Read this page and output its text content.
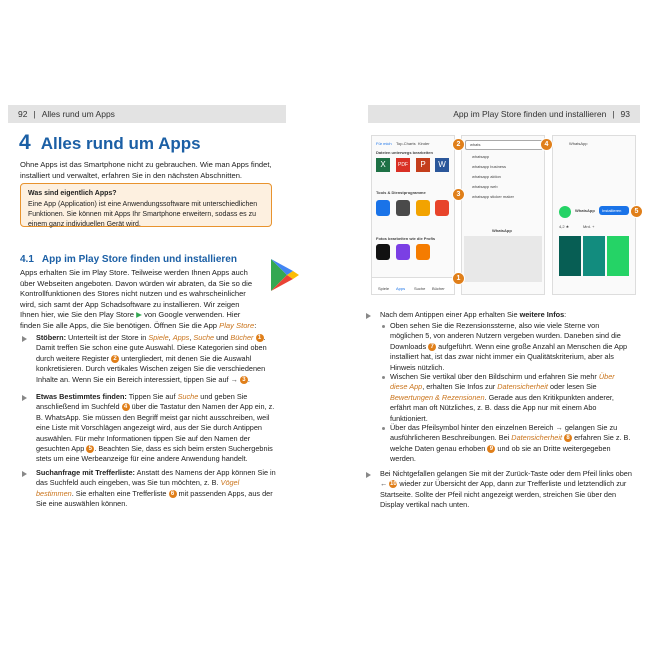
92 | Alles rund um Apps
4 Alles rund um Apps
Ohne Apps ist das Smartphone nicht zu gebrauchen. Wie man Apps findet, installiert und verwaltet, erfahren Sie in den nächsten Abschnitten.
Was sind eigentlich Apps?
Eine App (Application) ist eine Anwendungssoftware mit unterschiedlichen Funktionen. Sie können mit Apps Ihr Smartphone erweitern, sodass es zu einem ganz individuellen Gerät wird.
4.1 App im Play Store finden und installieren
Apps erhalten Sie im Play Store. Teilweise werden Ihnen Apps auch über Webseiten angeboten. Davon würden wir abraten, da Sie so die Kontrollfunktionen des Stores nicht nutzen und es wahrscheinlicher wird, sich samt der App Schadsoftware zu installieren. Wir zeigen Ihnen hier, wie Sie den Play Store ▶ von Google verwenden. Hier finden Sie alle Apps, die Sie benötigen. Öffnen Sie die App Play Store:
Stöbern: Unterteilt ist der Store in Spiele, Apps, Suche und Bücher 1 . Damit treffen Sie schon eine gute Auswahl. Diese Kategorien sind oben durch weitere Register 2 untergliedert, mit denen Sie die Auswahl konkretisieren. Durch vertikales Wischen zeigen Sie die verschiedenen Inhalte an. Wenn Sie ein Bereich interessiert, tippen Sie auf → 3 .
Etwas Bestimmtes finden: Tippen Sie auf Suche und geben Sie anschließend im Suchfeld 4 über die Tastatur den Namen der App ein, z. B. WhatsApp. Sie müssen den Begriff meist gar nicht ausschreiben, weil eine Liste mit Vorschlägen angezeigt wird, aus der Sie durch Antippen auswählen. Für mehr Informationen tippen Sie auf den Namen der gesuchten App 5 . Beachten Sie, dass es sich beim ersten Suchergebnis stets um eine Werbeanzeige für eine andere Anwendung handelt.
Suchanfrage mit Trefferliste: Anstatt des Namens der App können Sie in das Suchfeld auch eingeben, was Sie tun möchten, z. B. Vögel bestimmen. Sie erhalten eine Trefferliste 6 mit passenden Apps, aus der Sie eine auswählen können.
App im Play Store finden und installieren | 93
Für mich Top-Charts Kinder
Dateien unterwegs bearbeiten
X	PDF	P	W
Tools & Dienstprogramme
Fotos bearbeiten wie die Profis
Spiele Apps Suche Bücher
whats
whatsapp
whatsapp business
whatsapp aktion
whatsapp web
whatsapp sticker maker
WhatsApp
WhatsApp
WhatsApp Installieren
4,2 ★	Mrd. +
2	4
3
1
5
Nach dem Antippen einer App erhalten Sie weitere Infos:
Oben sehen Sie die Rezensionssterne, also wie viele Sterne von möglichen 5, von anderen Nutzern vergeben wurden. Daneben sind die Downloads 7 aufgeführt. Wenn eine große Anzahl an Menschen die App installiert hat, ist das zwar nicht immer ein Qualitätskriterium, aber als Hinweis nützlich.
Wischen Sie vertikal über den Bildschirm und erfahren Sie mehr Über diese App, erhalten Sie Infos zur Datensicherheit oder lesen Sie Bewertungen & Rezensionen. Gerade aus den Kritikpunkten anderer, erfährt man oft Nützliches, z. B. dass die App nur mit einem Abo funktioniert.
Über das Pfeilsymbol hinter den einzelnen Bereich → gelangen Sie zu ausführlicheren Beschreibungen. Bei Datensicherheit 8 erfahren Sie z. B. welche Daten genau erhoben 9 und ob sie an Dritte weitergegeben werden.
Bei Nichtgefallen gelangen Sie mit der Zurück-Taste oder dem Pfeil links oben ← 10 wieder zur Übersicht der App, dann zur Trefferliste und letztendlich zur Startseite. Sollte der Pfeil nicht angezeigt werden, streichen Sie über den Display vertikal nach unten.
